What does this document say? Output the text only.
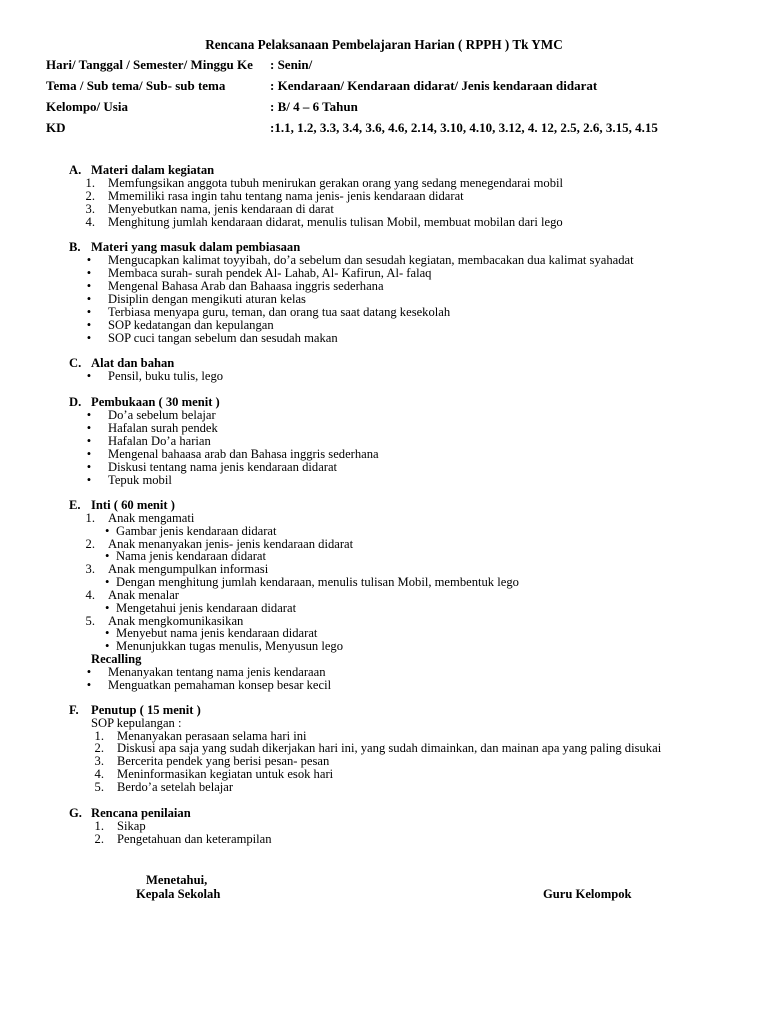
Rencana Pelaksanaan Pembelajaran Harian ( RPPH ) Tk YMC
Hari/ Tanggal / Semester/ Minggu Ke : Senin/
Tema / Sub tema/ Sub- sub tema	: Kendaraan/ Kendaraan didarat/ Jenis kendaraan didarat
Kelompo/ Usia	: B/ 4 – 6 Tahun
KD	:1.1, 1.2, 3.3, 3.4, 3.6, 4.6, 2.14, 3.10, 4.10, 3.12, 4. 12, 2.5, 2.6, 3.15, 4.15
A. Materi dalam kegiatan
1. Memfungsikan anggota tubuh menirukan gerakan orang yang sedang menegendarai mobil
2. Mmemiliki rasa ingin tahu tentang nama jenis- jenis kendaraan didarat
3. Menyebutkan nama, jenis kendaraan di darat
4. Menghitung jumlah kendaraan didarat, menulis tulisan Mobil, membuat mobilan dari lego
B. Materi yang masuk dalam pembiasaan
• Mengucapkan kalimat toyyibah, do’a sebelum dan sesudah kegiatan, membacakan dua kalimat syahadat
• Membaca surah- surah pendek Al- Lahab, Al- Kafirun, Al- falaq
• Mengenal Bahasa Arab dan Bahaasa inggris sederhana
• Disiplin dengan mengikuti aturan kelas
• Terbiasa menyapa guru, teman, dan orang tua saat datang kesekolah
• SOP kedatangan dan kepulangan
• SOP cuci tangan sebelum dan sesudah makan
C. Alat dan bahan
• Pensil, buku tulis, lego
D. Pembukaan ( 30 menit )
• Do’a sebelum belajar
• Hafalan surah pendek
• Hafalan Do’a harian
• Mengenal bahaasa arab dan Bahasa inggris sederhana
• Diskusi tentang nama jenis kendaraan didarat
• Tepuk mobil
E. Inti ( 60 menit )
1. Anak mengamati
• Gambar jenis kendaraan didarat
2. Anak menanyakan jenis- jenis kendaraan didarat
• Nama jenis kendaraan didarat
3. Anak mengumpulkan informasi
• Dengan menghitung jumlah kendaraan, menulis tulisan Mobil, membentuk lego
4. Anak menalar
• Mengetahui jenis kendaraan didarat
5. Anak mengkomunikasikan
• Menyebut nama jenis kendaraan didarat
• Menunjukkan tugas menulis, Menyusun lego
Recalling
• Menanyakan tentang nama jenis kendaraan
• Menguatkan pemahaman konsep besar kecil
F. Penutup ( 15 menit )
SOP kepulangan :
1. Menanyakan perasaan selama hari ini
2. Diskusi apa saja yang sudah dikerjakan hari ini, yang sudah dimainkan, dan mainan apa yang paling disukai
3. Bercerita pendek yang berisi pesan- pesan
4. Meninformasikan kegiatan untuk esok hari
5. Berdo’a setelah belajar
G. Rencana penilaian
1. Sikap
2. Pengetahuan dan keterampilan
Menetahui,
Kepala Sekolah	Guru Kelompok
